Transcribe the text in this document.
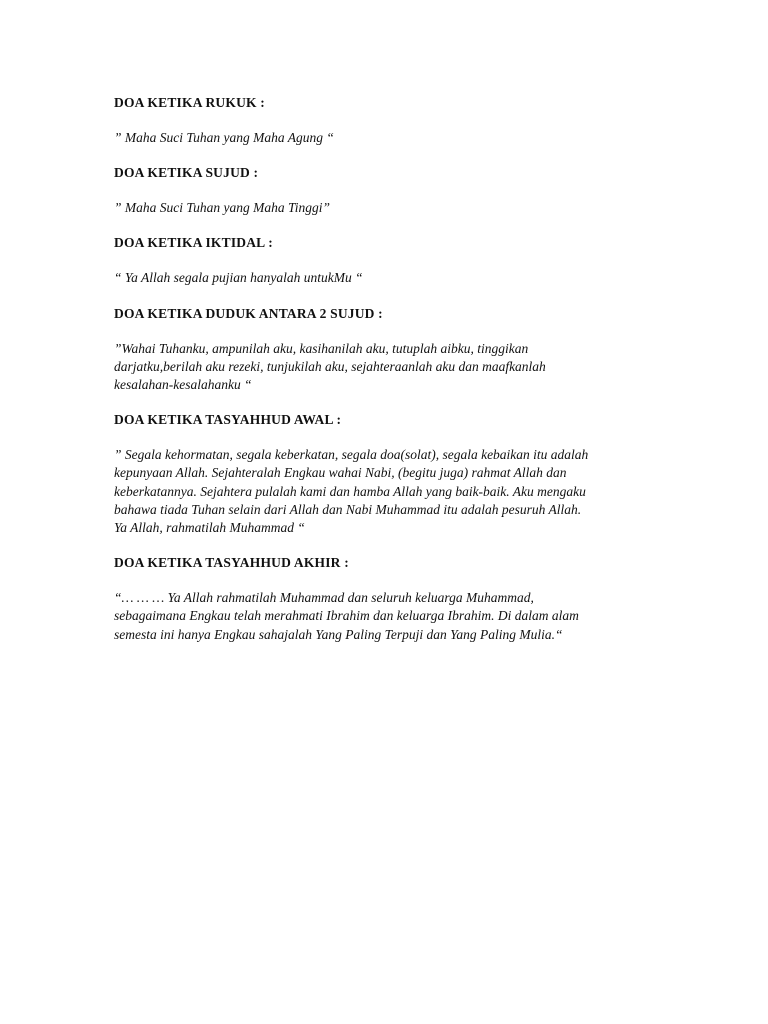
DOA KETIKA RUKUK :

” Maha Suci Tuhan yang Maha Agung “

DOA KETIKA SUJUD :

” Maha Suci Tuhan yang Maha Tinggi”

DOA KETIKA IKTIDAL :

“ Ya Allah segala pujian hanyalah untukMu “

DOA KETIKA DUDUK ANTARA 2 SUJUD :

”Wahai Tuhanku, ampunilah aku, kasihanilah aku, tutuplah aibku, tinggikan
darjatku,berilah aku rezeki, tunjukilah aku, sejahteraanlah aku dan maafkanlah
kesalahan-kesalahanku “

DOA KETIKA TASYAHHUD AWAL :

” Segala kehormatan, segala keberkatan, segala doa(solat), segala kebaikan itu adalah
kepunyaan Allah. Sejahteralah Engkau wahai Nabi, (begitu juga) rahmat Allah dan
keberkatannya. Sejahtera pulalah kami dan hamba Allah yang baik-baik. Aku mengaku
bahawa tiada Tuhan selain dari Allah dan Nabi Muhammad itu adalah pesuruh Allah.
Ya Allah, rahmatilah Muhammad “

DOA KETIKA TASYAHHUD AKHIR :

“… … … Ya Allah rahmatilah Muhammad dan seluruh keluarga Muhammad,
sebagaimana Engkau telah merahmati Ibrahim dan keluarga Ibrahim. Di dalam alam
semesta ini hanya Engkau sahajalah Yang Paling Terpuji dan Yang Paling Mulia.“
